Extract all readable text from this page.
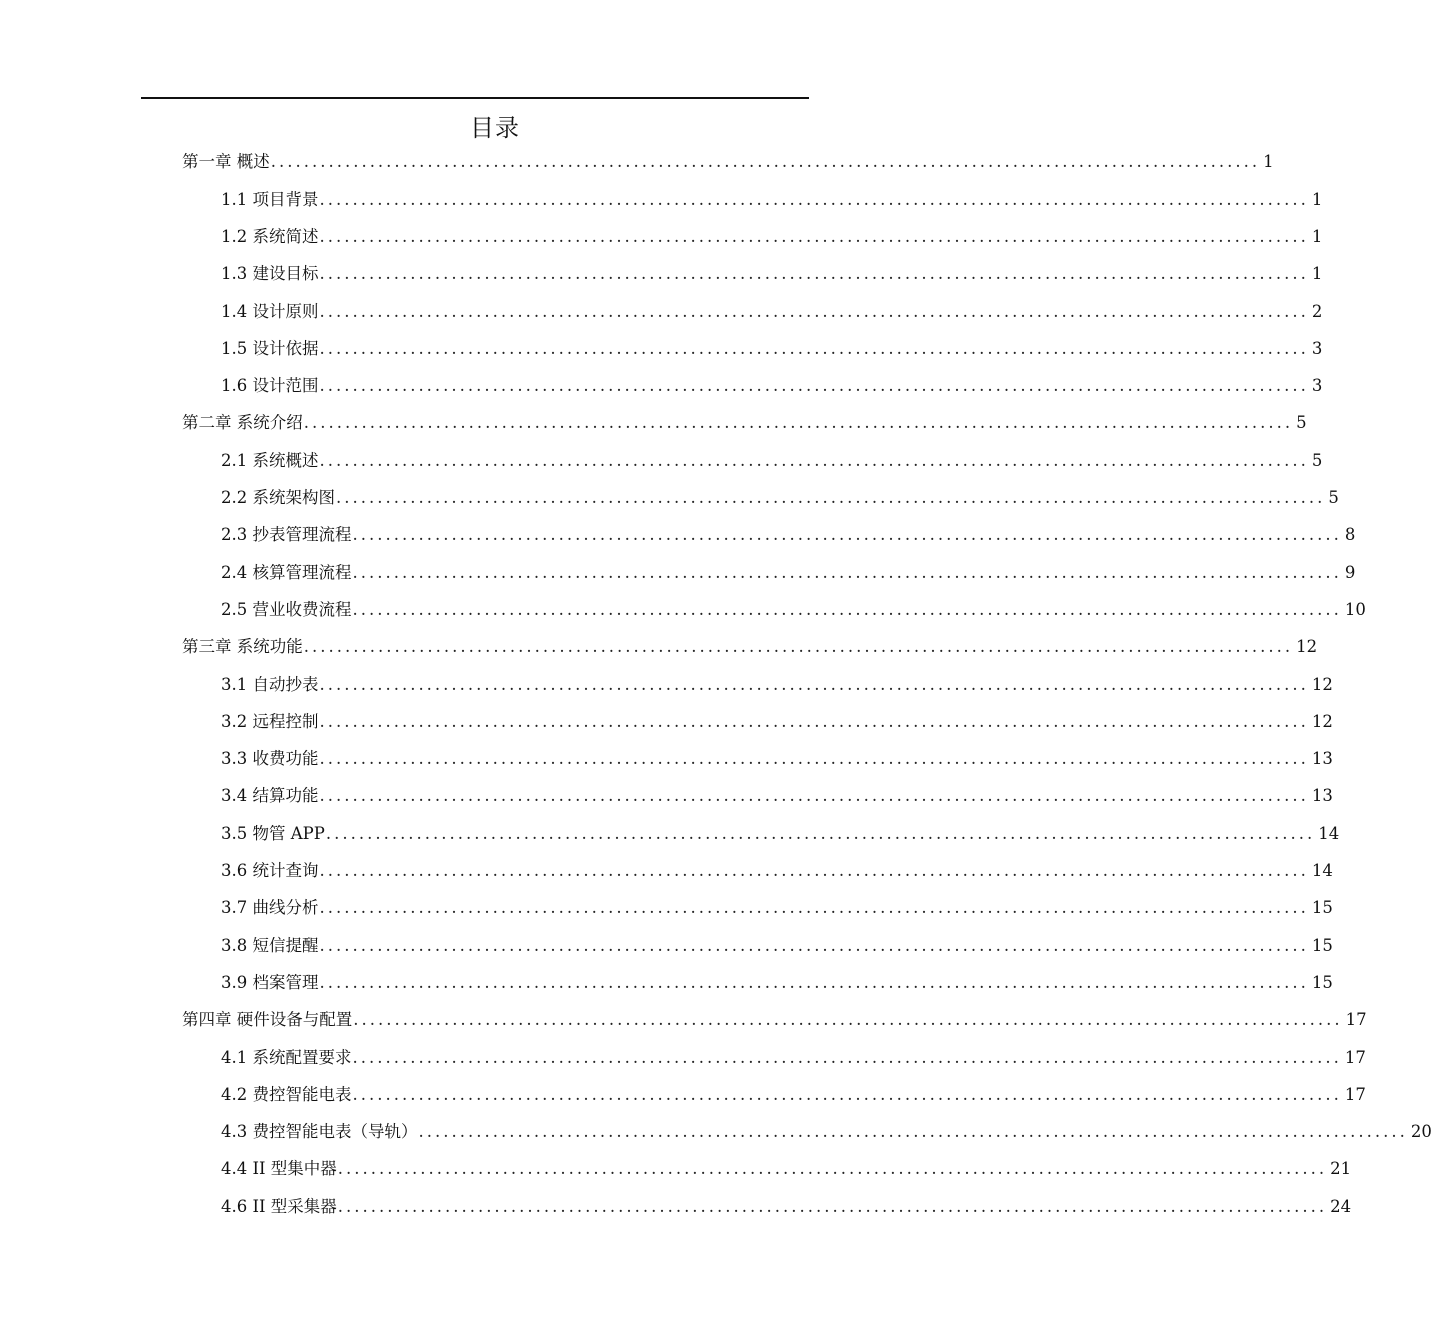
目录
第一章 概述 ........................................................................................................................ 1
1.1 项目背景 ........................................................................................................................ 1
1.2 系统简述 ........................................................................................................................ 1
1.3 建设目标 ........................................................................................................................ 1
1.4 设计原则 ........................................................................................................................ 2
1.5 设计依据 ........................................................................................................................ 3
1.6 设计范围 ........................................................................................................................ 3
第二章 系统介绍 ........................................................................................................................ 5
2.1 系统概述 ........................................................................................................................ 5
2.2 系统架构图 ........................................................................................................................ 5
2.3 抄表管理流程 ........................................................................................................................ 8
2.4 核算管理流程 ........................................................................................................................ 9
2.5 营业收费流程 ........................................................................................................................ 10
第三章 系统功能 ........................................................................................................................ 12
3.1 自动抄表 ........................................................................................................................ 12
3.2 远程控制 ........................................................................................................................ 12
3.3 收费功能 ........................................................................................................................ 13
3.4 结算功能 ........................................................................................................................ 13
3.5 物管 APP ........................................................................................................................ 14
3.6 统计查询 ........................................................................................................................ 14
3.7 曲线分析 ........................................................................................................................ 15
3.8 短信提醒 ........................................................................................................................ 15
3.9 档案管理 ........................................................................................................................ 15
第四章 硬件设备与配置 ........................................................................................................................ 17
4.1 系统配置要求 ........................................................................................................................ 17
4.2 费控智能电表 ........................................................................................................................ 17
4.3 费控智能电表（导轨） ........................................................................................................................ 20
4.4 II 型集中器 ........................................................................................................................ 21
4.6 II 型采集器 ........................................................................................................................ 24
